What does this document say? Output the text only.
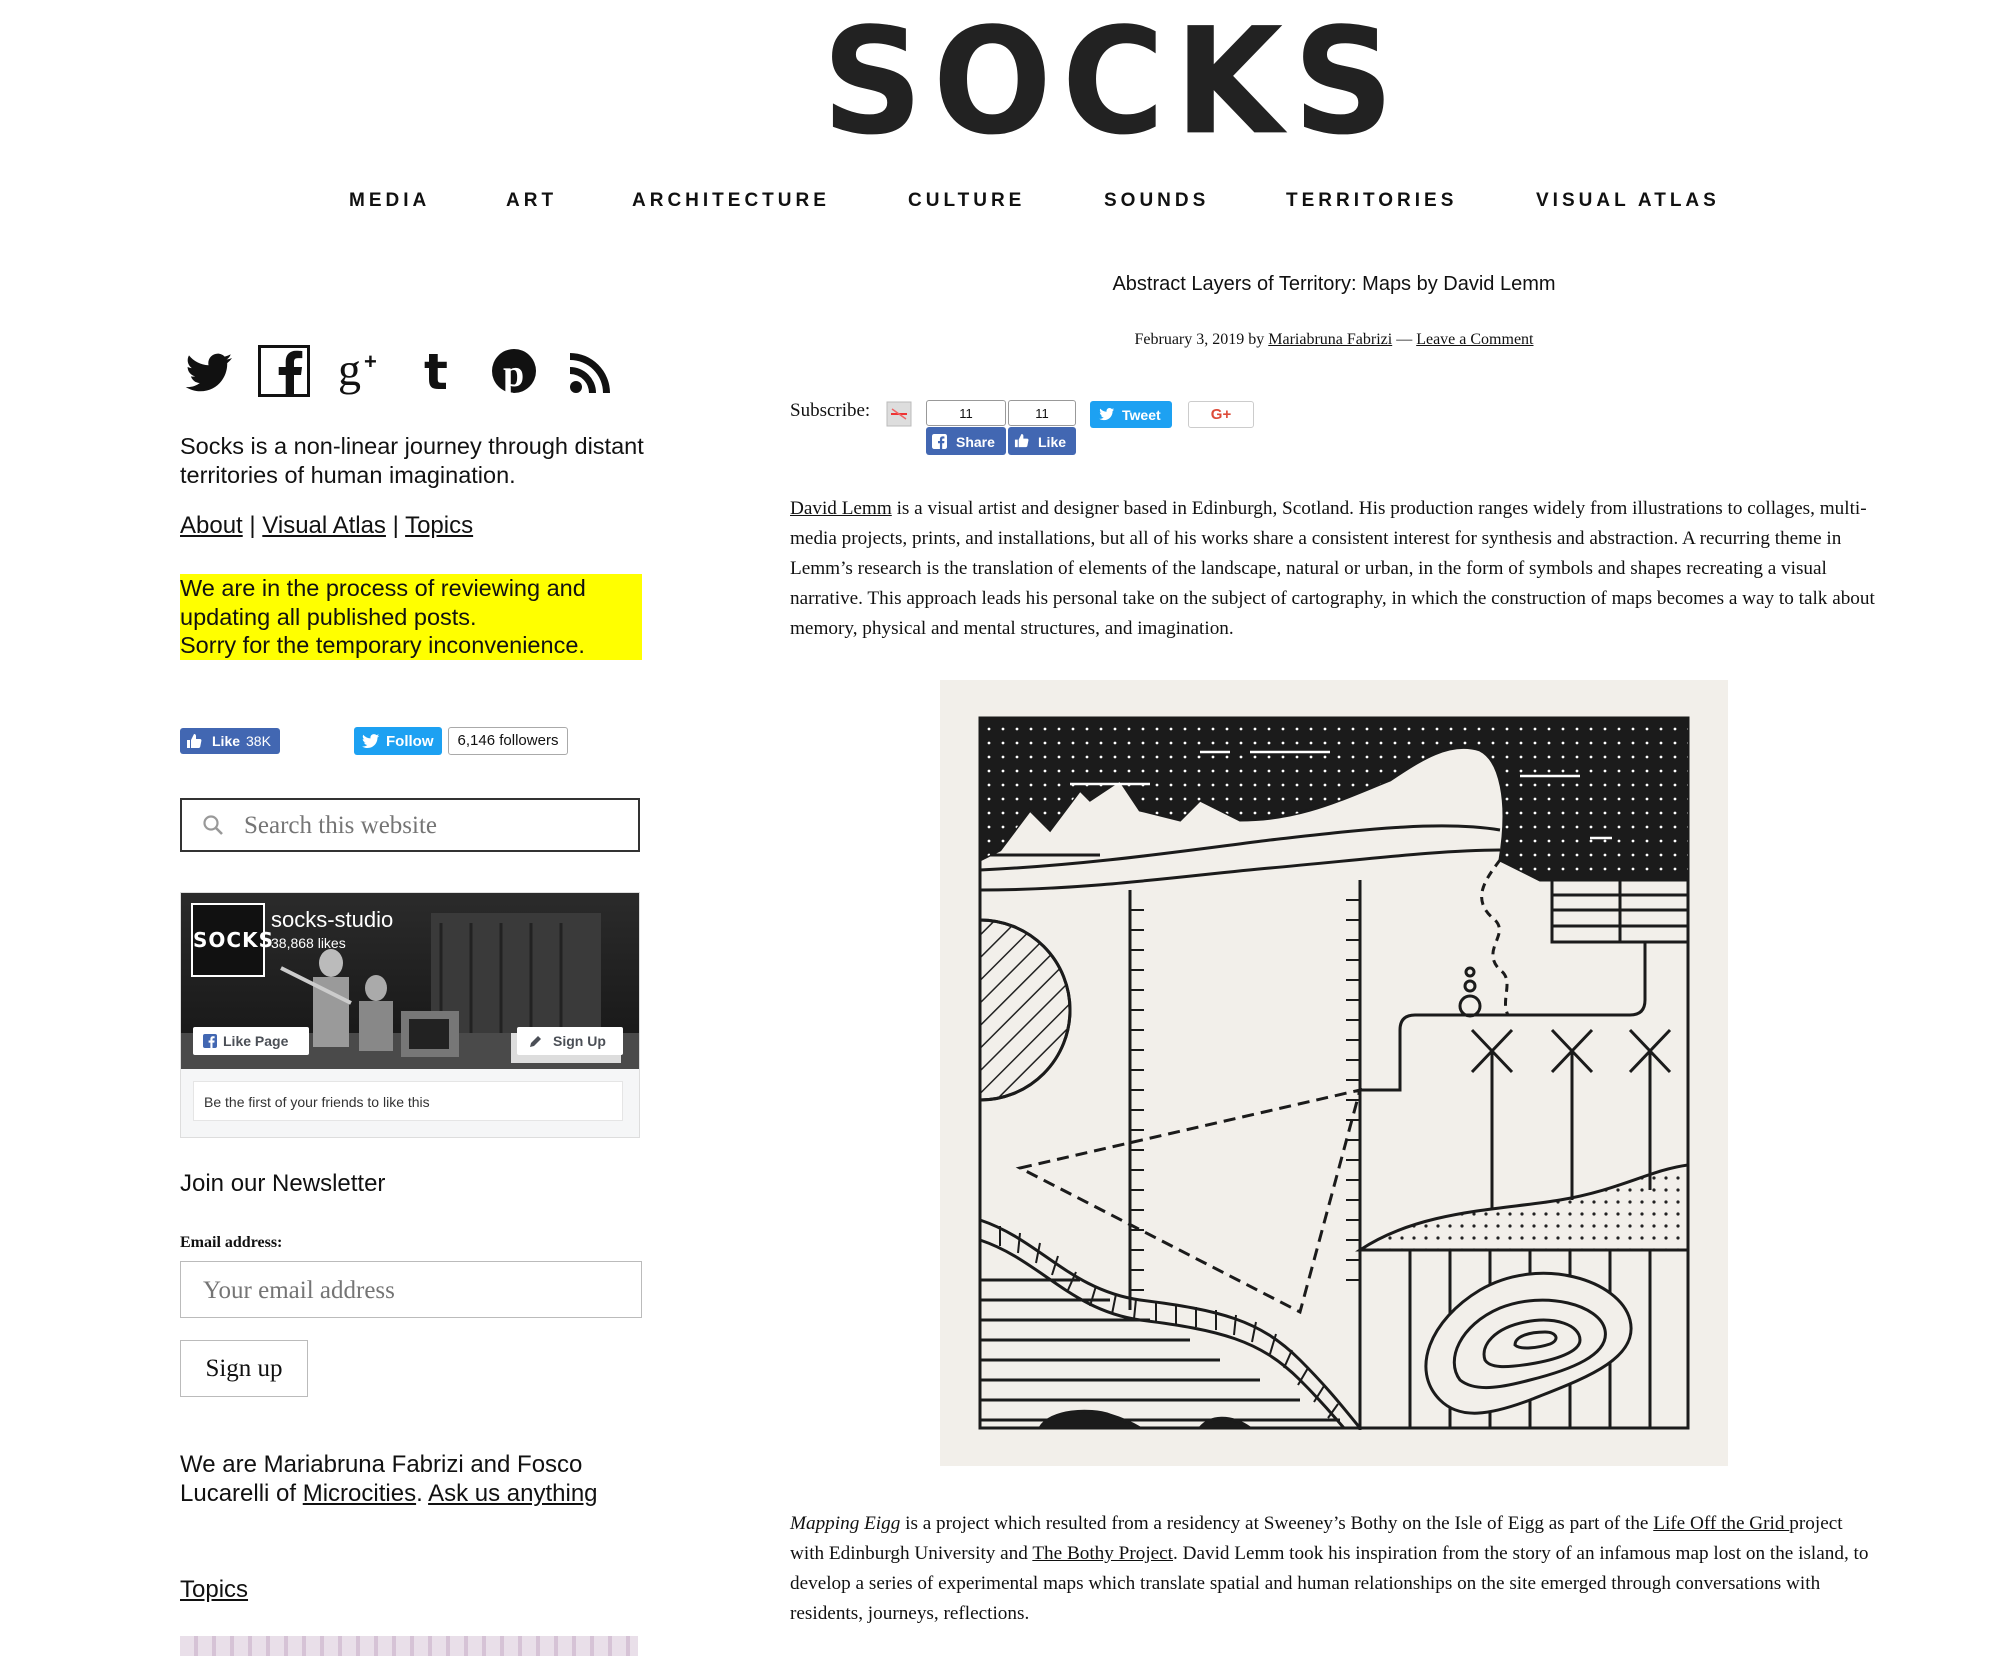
SOCKS
MEDIA	ART	ARCHITECTURE	CULTURE	SOUNDS	TERRITORIES	VISUAL ATLAS
g + t p
Socks is a non-linear journey through distant territories of human imagination.
About | Visual Atlas | Topics
We are in the process of reviewing and updating all published posts.
Sorry for the temporary inconvenience.
Like 38K	Follow	6,146 followers
Search this website
SOCKS
socks-studio
38,868 likes
Like Page	Sign Up
Be the first of your friends to like this
Join our Newsletter
Email address:
Your email address
Sign up
We are Mariabruna Fabrizi and Fosco Lucarelli of Microcities. Ask us anything
Topics
Abstract Layers of Territory: Maps by David Lemm
February 3, 2019 by Mariabruna Fabrizi — Leave a Comment
Subscribe:	11
Share
11
Like
Tweet	G+
David Lemm is a visual artist and designer based in Edinburgh, Scotland. His production ranges widely from illustrations to collages, multi-media projects, prints, and installations, but all of his works share a consistent interest for synthesis and abstraction. A recurring theme in Lemm’s research is the translation of elements of the landscape, natural or urban, in the form of symbols and shapes recreating a visual narrative. This approach leads his personal take on the subject of cartography, in which the construction of maps becomes a way to talk about memory, physical and mental structures, and imagination.
Mapping Eigg is a project which resulted from a residency at Sweeney’s Bothy on the Isle of Eigg as part of the Life Off the Grid project with Edinburgh University and The Bothy Project. David Lemm took his inspiration from the story of an infamous map lost on the island, to develop a series of experimental maps which translate spatial and human relationships on the site emerged through conversations with residents, journeys, reflections.
